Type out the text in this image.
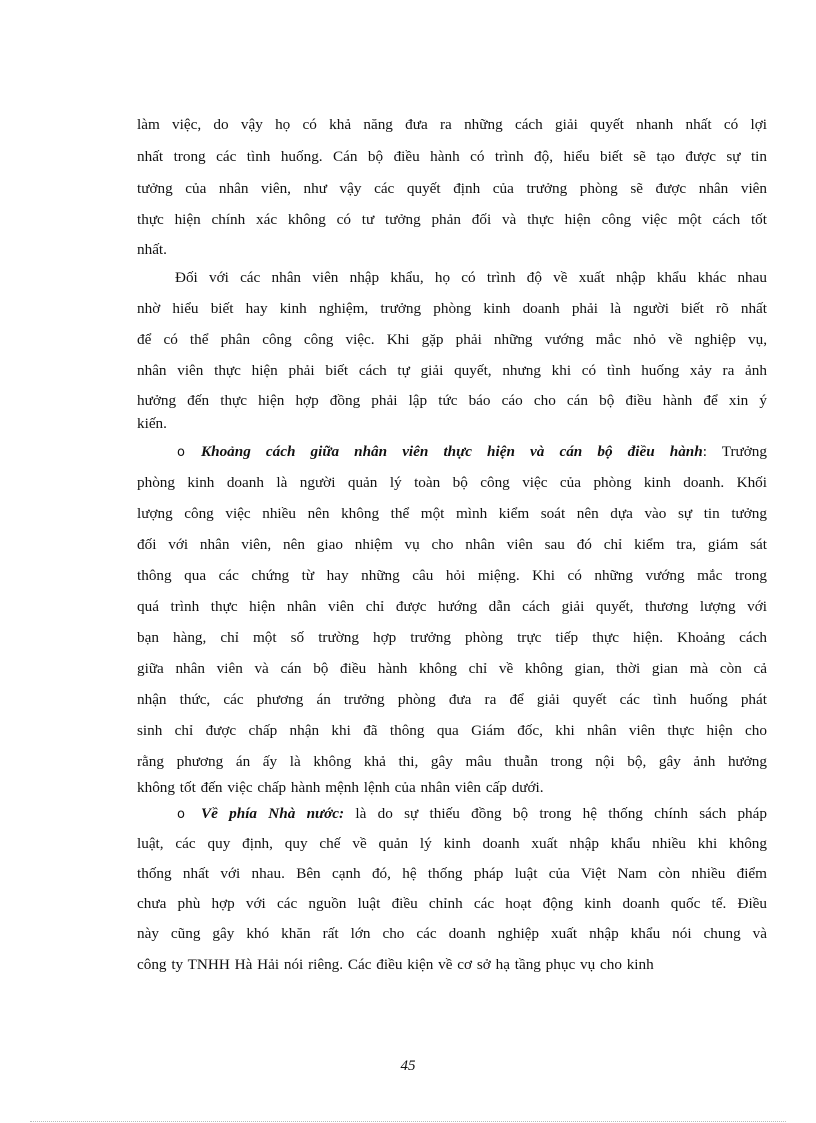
làm việc, do vậy họ có khả năng đưa ra những cách giải quyết nhanh nhất có lợi
nhất trong các tình huống. Cán bộ điều hành có trình độ, hiểu biết sẽ tạo được sự tin
tưởng của nhân viên, như vậy các quyết định của trưởng phòng sẽ được nhân viên
thực hiện chính xác không có tư tưởng phản đối và thực hiện công việc một cách tốt
nhất.
Đối với các nhân viên nhập khẩu, họ có trình độ về xuất nhập khẩu khác nhau
nhờ hiểu biết hay kinh nghiệm, trưởng phòng kinh doanh phải là người biết rõ nhất
để có thể phân công công việc. Khi gặp phải những vướng mắc nhỏ về nghiệp vụ,
nhân viên thực hiện phải biết cách tự giải quyết, nhưng khi có tình huống xảy ra ảnh
hưởng đến thực hiện hợp đồng phải lập tức báo cáo cho cán bộ điều hành để xin ý
kiến.
o Khoảng cách giữa nhân viên thực hiện và cán bộ điều hành: Trưởng
phòng kinh doanh là người quản lý toàn bộ công việc của phòng kinh doanh. Khối
lượng công việc nhiều nên không thể một mình kiểm soát nên dựa vào sự tin tưởng
đối với nhân viên, nên giao nhiệm vụ cho nhân viên sau đó chỉ kiểm tra, giám sát
thông qua các chứng từ hay những câu hỏi miệng. Khi có những vướng mắc trong
quá trình thực hiện nhân viên chỉ được hướng dẫn cách giải quyết, thương lượng với
bạn hàng, chỉ một số trường hợp trưởng phòng trực tiếp thực hiện. Khoảng cách
giữa nhân viên và cán bộ điều hành không chỉ về không gian, thời gian mà còn cả
nhận thức, các phương án trưởng phòng đưa ra để giải quyết các tình huống phát
sinh chỉ được chấp nhận khi đã thông qua Giám đốc, khi nhân viên thực hiện cho
rằng phương án ấy là không khả thi, gây mâu thuẫn trong nội bộ, gây ảnh hưởng
không tốt đến việc chấp hành mệnh lệnh của nhân viên cấp dưới.
o Về phía Nhà nước: là do sự thiếu đồng bộ trong hệ thống chính sách pháp
luật, các quy định, quy chế về quản lý kinh doanh xuất nhập khẩu nhiều khi không
thống nhất với nhau. Bên cạnh đó, hệ thống pháp luật của Việt Nam còn nhiều điểm
chưa phù hợp với các nguồn luật điều chỉnh các hoạt động kinh doanh quốc tế. Điều
này cũng gây khó khăn rất lớn cho các doanh nghiệp xuất nhập khẩu nói chung và
công ty TNHH Hà Hải nói riêng. Các điều kiện về cơ sở hạ tầng phục vụ cho kinh
45
